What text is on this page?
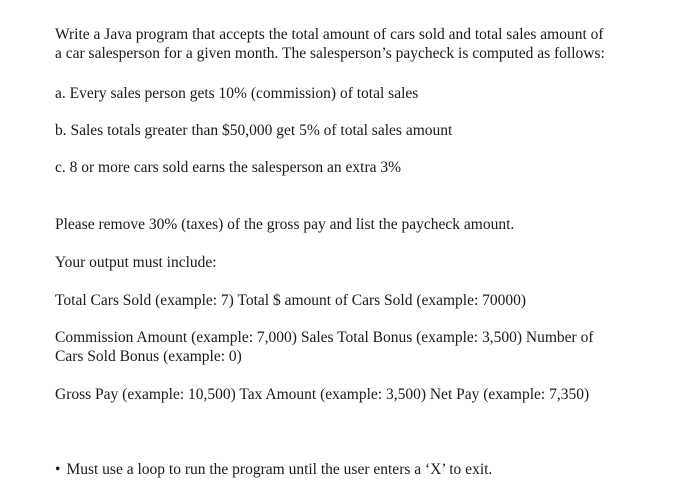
Write a Java program that accepts the total amount of cars sold and total sales amount of

a car salesperson for a given month. The salesperson’s paycheck is computed as follows:

a. Every sales person gets 10% (commission) of total sales

b. Sales totals greater than $50,000 get 5% of total sales amount

c. 8 or more cars sold earns the salesperson an extra 3%

Please remove 30% (taxes) of the gross pay and list the paycheck amount.

Your output must include:

Total Cars Sold (example: 7) Total $ amount of Cars Sold (example: 70000)

Commission Amount (example: 7,000) Sales Total Bonus (example: 3,500) Number of

Cars Sold Bonus (example: 0)

Gross Pay (example: 10,500) Tax Amount (example: 3,500) Net Pay (example: 7,350)

• Must use a loop to run the program until the user enters a ‘X’ to exit.
